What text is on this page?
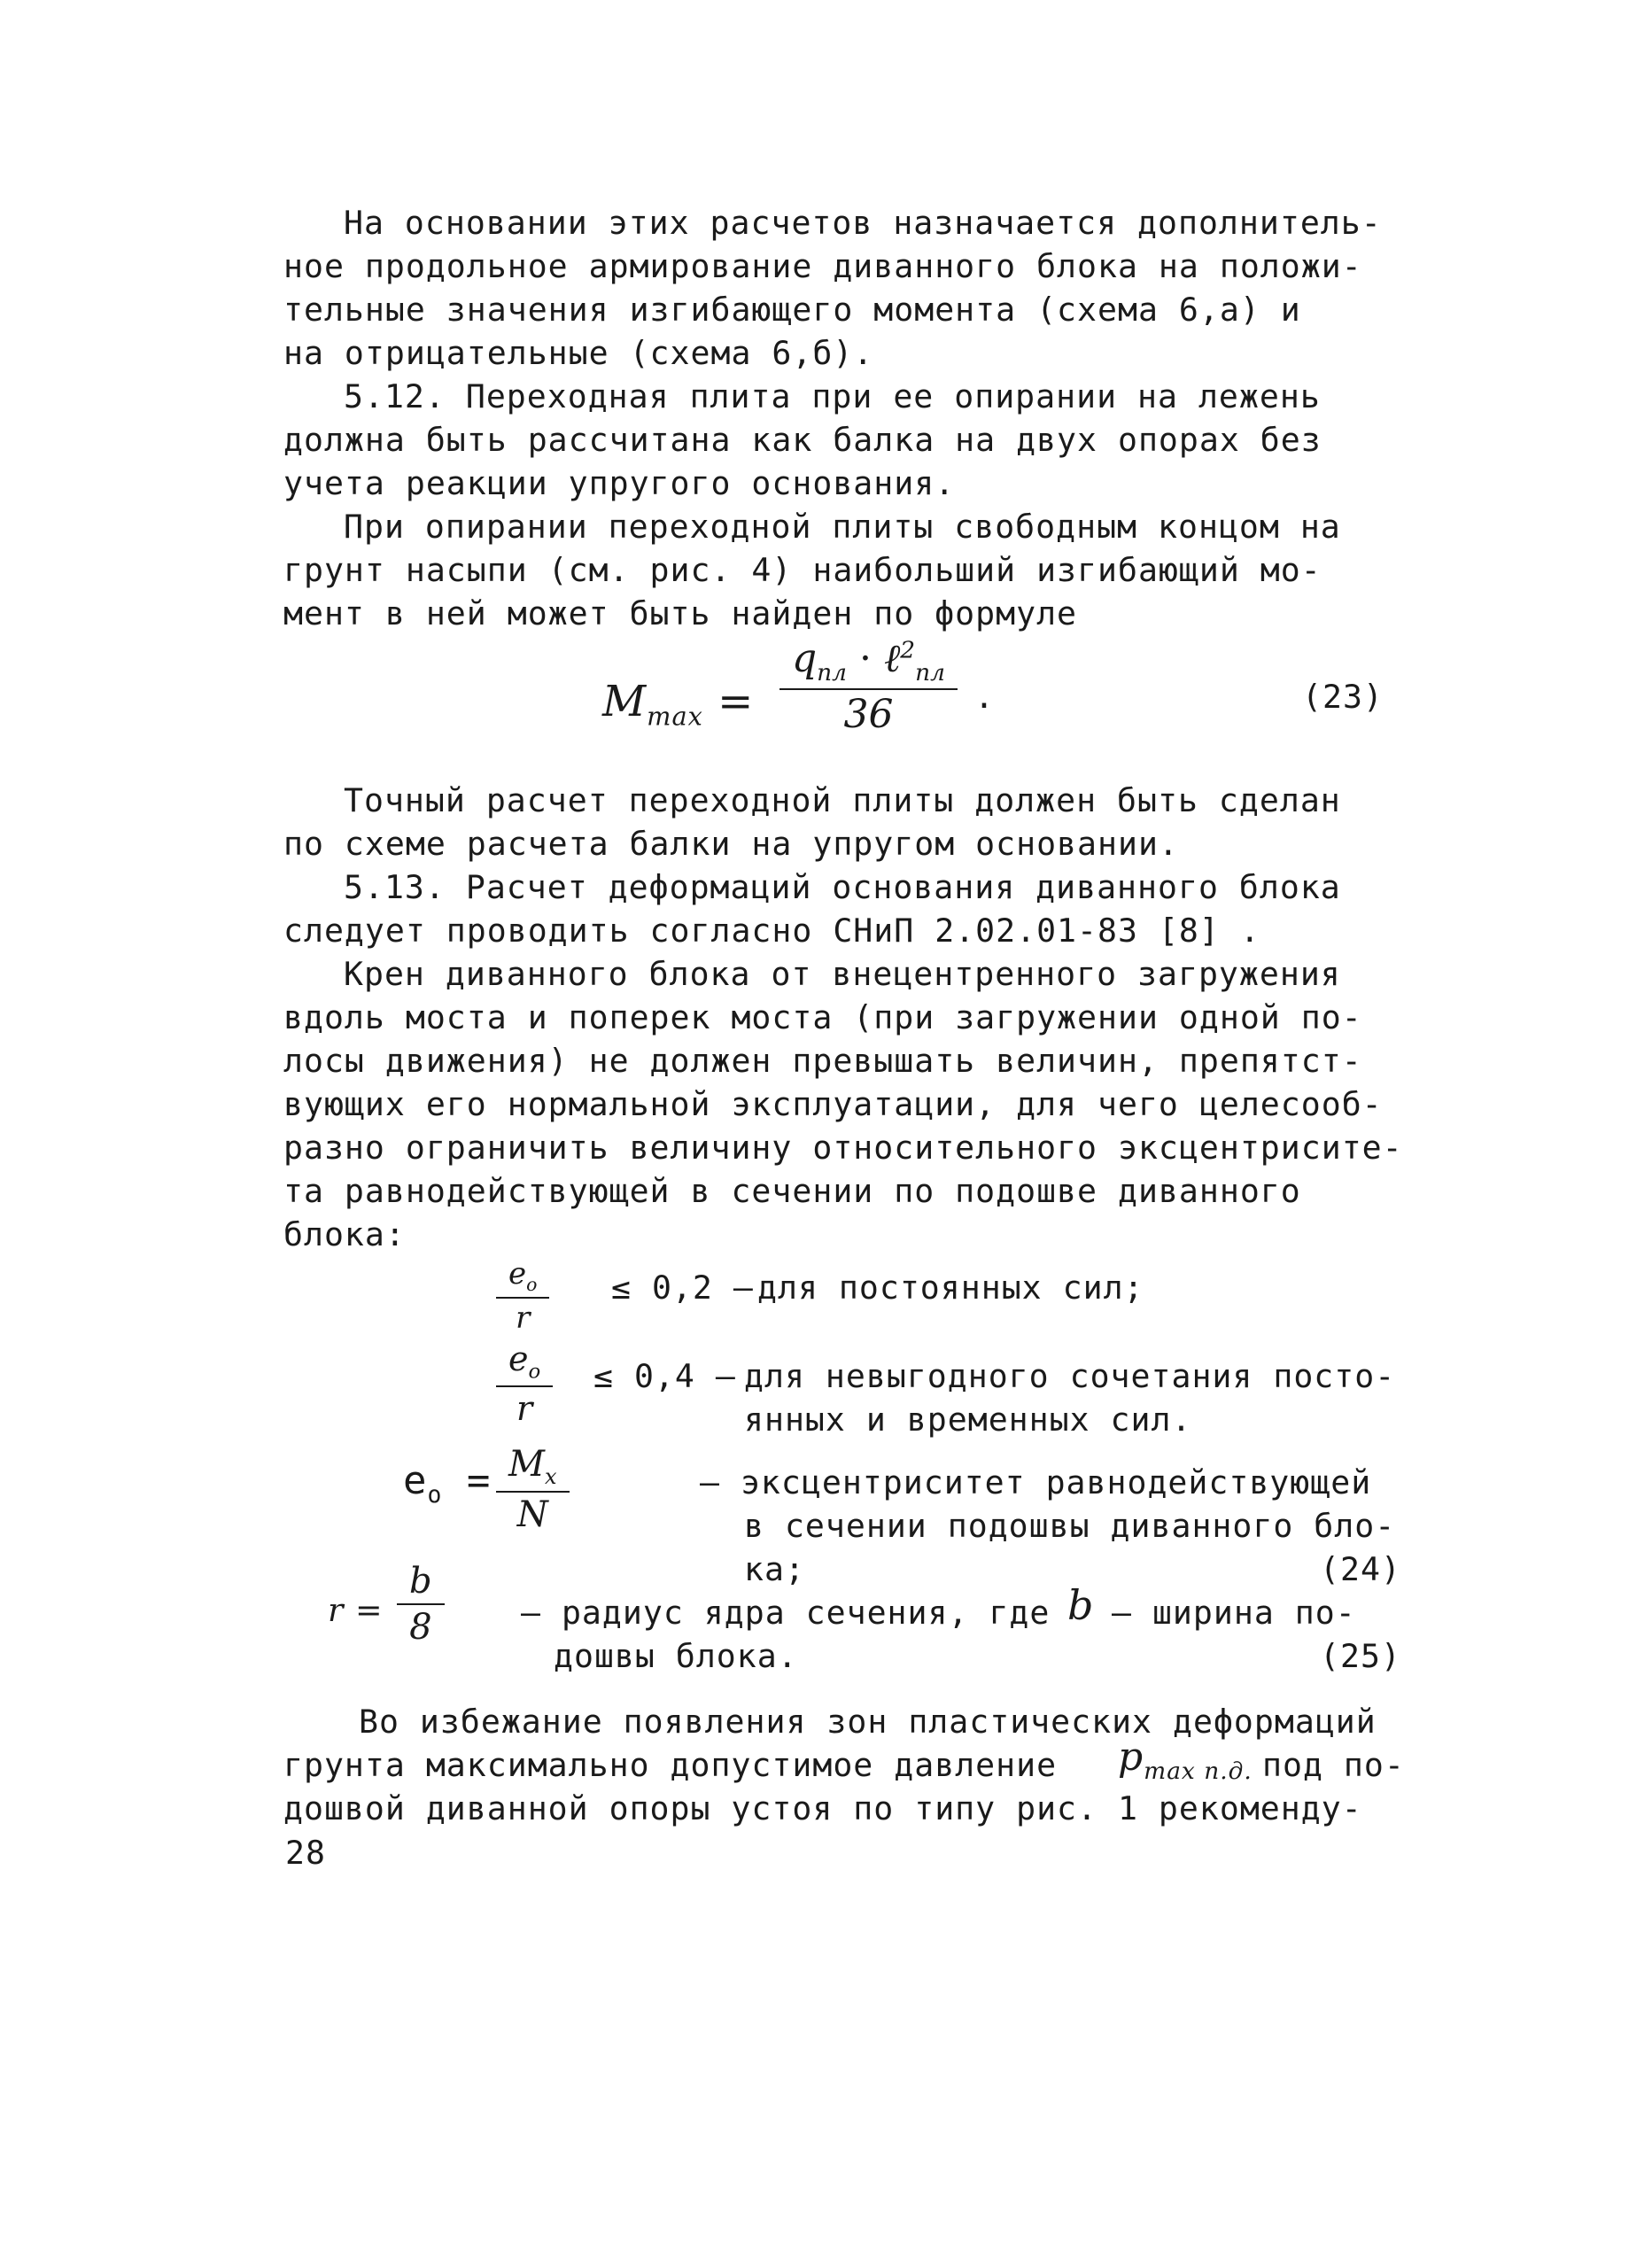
На основании этих расчетов назначается дополнитель-
ное продольное армирование диванного блока на положи-
тельные значения изгибающего момента (схема 6,а) и
на отрицательные (схема 6,б).
5.12. Переходная плита при ее опирании на лежень
должна быть рассчитана как балка на двух опорах без
учета реакции упругого основания.
При опирании переходной плиты свободным концом на
грунт насыпи (см. рис. 4) наибольший изгибающий мо-
мент в ней может быть найден по формуле
$M_{max}$ =
$q_{пл}$ · ℓ$^2_{пл}$
36	.	(23)
Точный расчет переходной плиты должен быть сделан
по схеме расчета балки на упругом основании.
5.13. Расчет деформаций основания диванного блока
следует проводить согласно СНиП 2.02.01-83 [8] .
Крен диванного блока от внецентренного загружения
вдоль моста и поперек моста (при загружении одной по-
лосы движения) не должен превышать величин, препятст-
вующих его нормальной эксплуатации, для чего целесооб-
разно ограничить величину относительного эксцентрисите-
та равнодействующей в сечении по подошве диванного
блока:
$\frac{e_o}{r} \le 0,2$ – для постоянных сил;
$\frac{e_o}{r} \le 0,4$ – для невыгодного сочетания посто-
янных и временных сил.
$e_o = \frac{M_x}{N}$	– эксцентриситет равнодействующей
в сечении подошвы диванного бло-
ка;	(24)
$r = \frac{b}{8}$ – радиус ядра сечения, где b – ширина по-
дошвы блока.	(25)
Во избежание появления зон пластических деформаций
грунта максимально допустимое давление $p_{max п.д.}$ под по-
дошвой диванной опоры устоя по типу рис. 1 рекоменду-
28
